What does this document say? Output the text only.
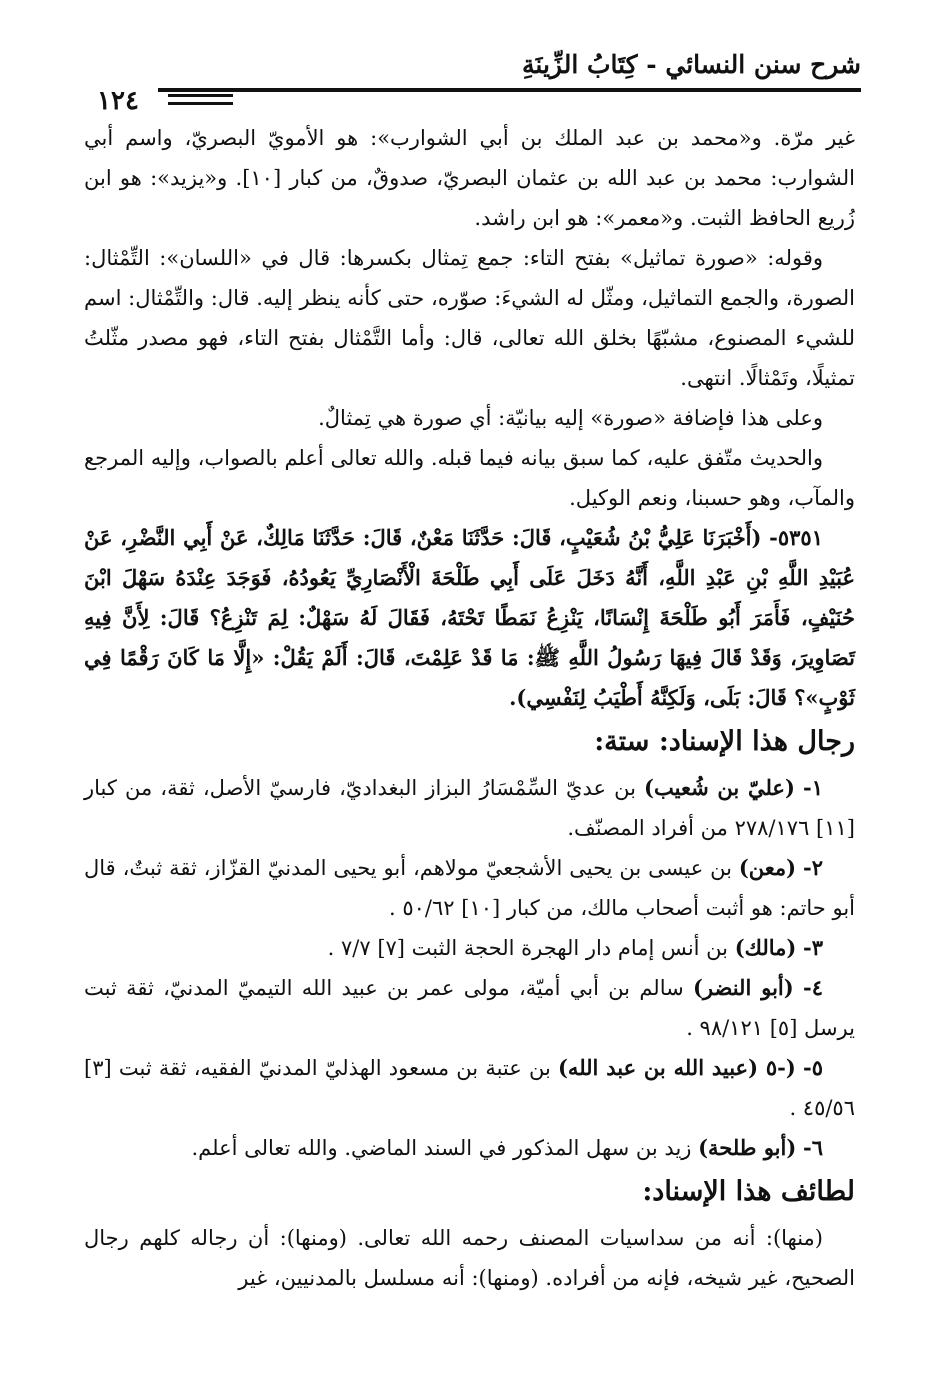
شرح سنن النسائي - كِتَابُ الزِّينَةِ
١٢٤

غير مرّة. و«محمد بن عبد الملك بن أبي الشوارب»: هو الأمويّ البصريّ، واسم أبي الشوارب: محمد بن عبد الله بن عثمان البصريّ، صدوقٌ، من كبار [١٠]. و«يزيد»: هو ابن زُريع الحافظ الثبت. و«معمر»: هو ابن راشد.

وقوله: «صورة تماثيل» بفتح التاء: جمع تِمثال بكسرها: قال في «اللسان»: التِّمْثال: الصورة، والجمع التماثيل، ومثّل له الشيءَ: صوّره، حتى كأنه ينظر إليه. قال: والتِّمْثال: اسم للشيء المصنوع، مشبّهًا بخلق الله تعالى، قال: وأما التَّمْثال بفتح التاء، فهو مصدر مثّلتُ تمثيلًا، وتَمْثالًا. انتهى.

وعلى هذا فإضافة «صورة» إليه بيانيّة: أي صورة هي تِمثالٌ.

والحديث متّفق عليه، كما سبق بيانه فيما قبله. والله تعالى أعلم بالصواب، وإليه المرجع والمآب، وهو حسبنا، ونعم الوكيل.

٥٣٥١- (أَخْبَرَنَا عَلِيُّ بْنُ شُعَيْبٍ، قَالَ: حَدَّثَنَا مَعْنٌ، قَالَ: حَدَّثَنَا مَالِكٌ، عَنْ أَبِي النَّضْرِ، عَنْ عُبَيْدِ اللَّهِ بْنِ عَبْدِ اللَّهِ، أَنَّهُ دَخَلَ عَلَى أَبِي طَلْحَةَ الْأَنْصَارِيِّ يَعُودُهُ، فَوَجَدَ عِنْدَهُ سَهْلَ ابْنَ حُنَيْفٍ، فَأَمَرَ أَبُو طَلْحَةَ إِنْسَانًا، يَنْزِعُ نَمَطًا تَحْتَهُ، فَقَالَ لَهُ سَهْلٌ: لِمَ تَنْزِعُ؟ قَالَ: لِأَنَّ فِيهِ تَصَاوِيرَ، وَقَدْ قَالَ فِيهَا رَسُولُ اللَّهِ ﷺ: مَا قَدْ عَلِمْتَ، قَالَ: أَلَمْ يَقُلْ: «إِلَّا مَا كَانَ رَقْمًا فِي ثَوْبٍ»؟ قَالَ: بَلَى، وَلَكِنَّهُ أَطْيَبُ لِنَفْسِي).

رجال هذا الإسناد: ستة:

١- (عليّ بن شُعيب) بن عديّ السِّمْسَارُ البزاز البغداديّ، فارسيّ الأصل، ثقة، من كبار [١١] ٢٧٨/١٧٦ من أفراد المصنّف.

٢- (معن) بن عيسى بن يحيى الأشجعيّ مولاهم، أبو يحيى المدنيّ القزّاز، ثقة ثبتٌ، قال أبو حاتم: هو أثبت أصحاب مالك، من كبار [١٠] ٥٠/٦٢ .

٣- (مالك) بن أنس إمام دار الهجرة الحجة الثبت [٧] ٧/٧ .

٤- (أبو النضر) سالم بن أبي أميّة، مولى عمر بن عبيد الله التيميّ المدنيّ، ثقة ثبت يرسل [٥] ٩٨/١٢١ .

٥- (-٥ (عبيد الله بن عبد الله) بن عتبة بن مسعود الهذليّ المدنيّ الفقيه، ثقة ثبت [٣] ٤٥/٥٦ .

٦- (أبو طلحة) زيد بن سهل المذكور في السند الماضي. والله تعالى أعلم.

لطائف هذا الإسناد:

(منها): أنه من سداسيات المصنف رحمه الله تعالى. (ومنها): أن رجاله كلهم رجال الصحيح، غير شيخه، فإنه من أفراده. (ومنها): أنه مسلسل بالمدنيين، غير
